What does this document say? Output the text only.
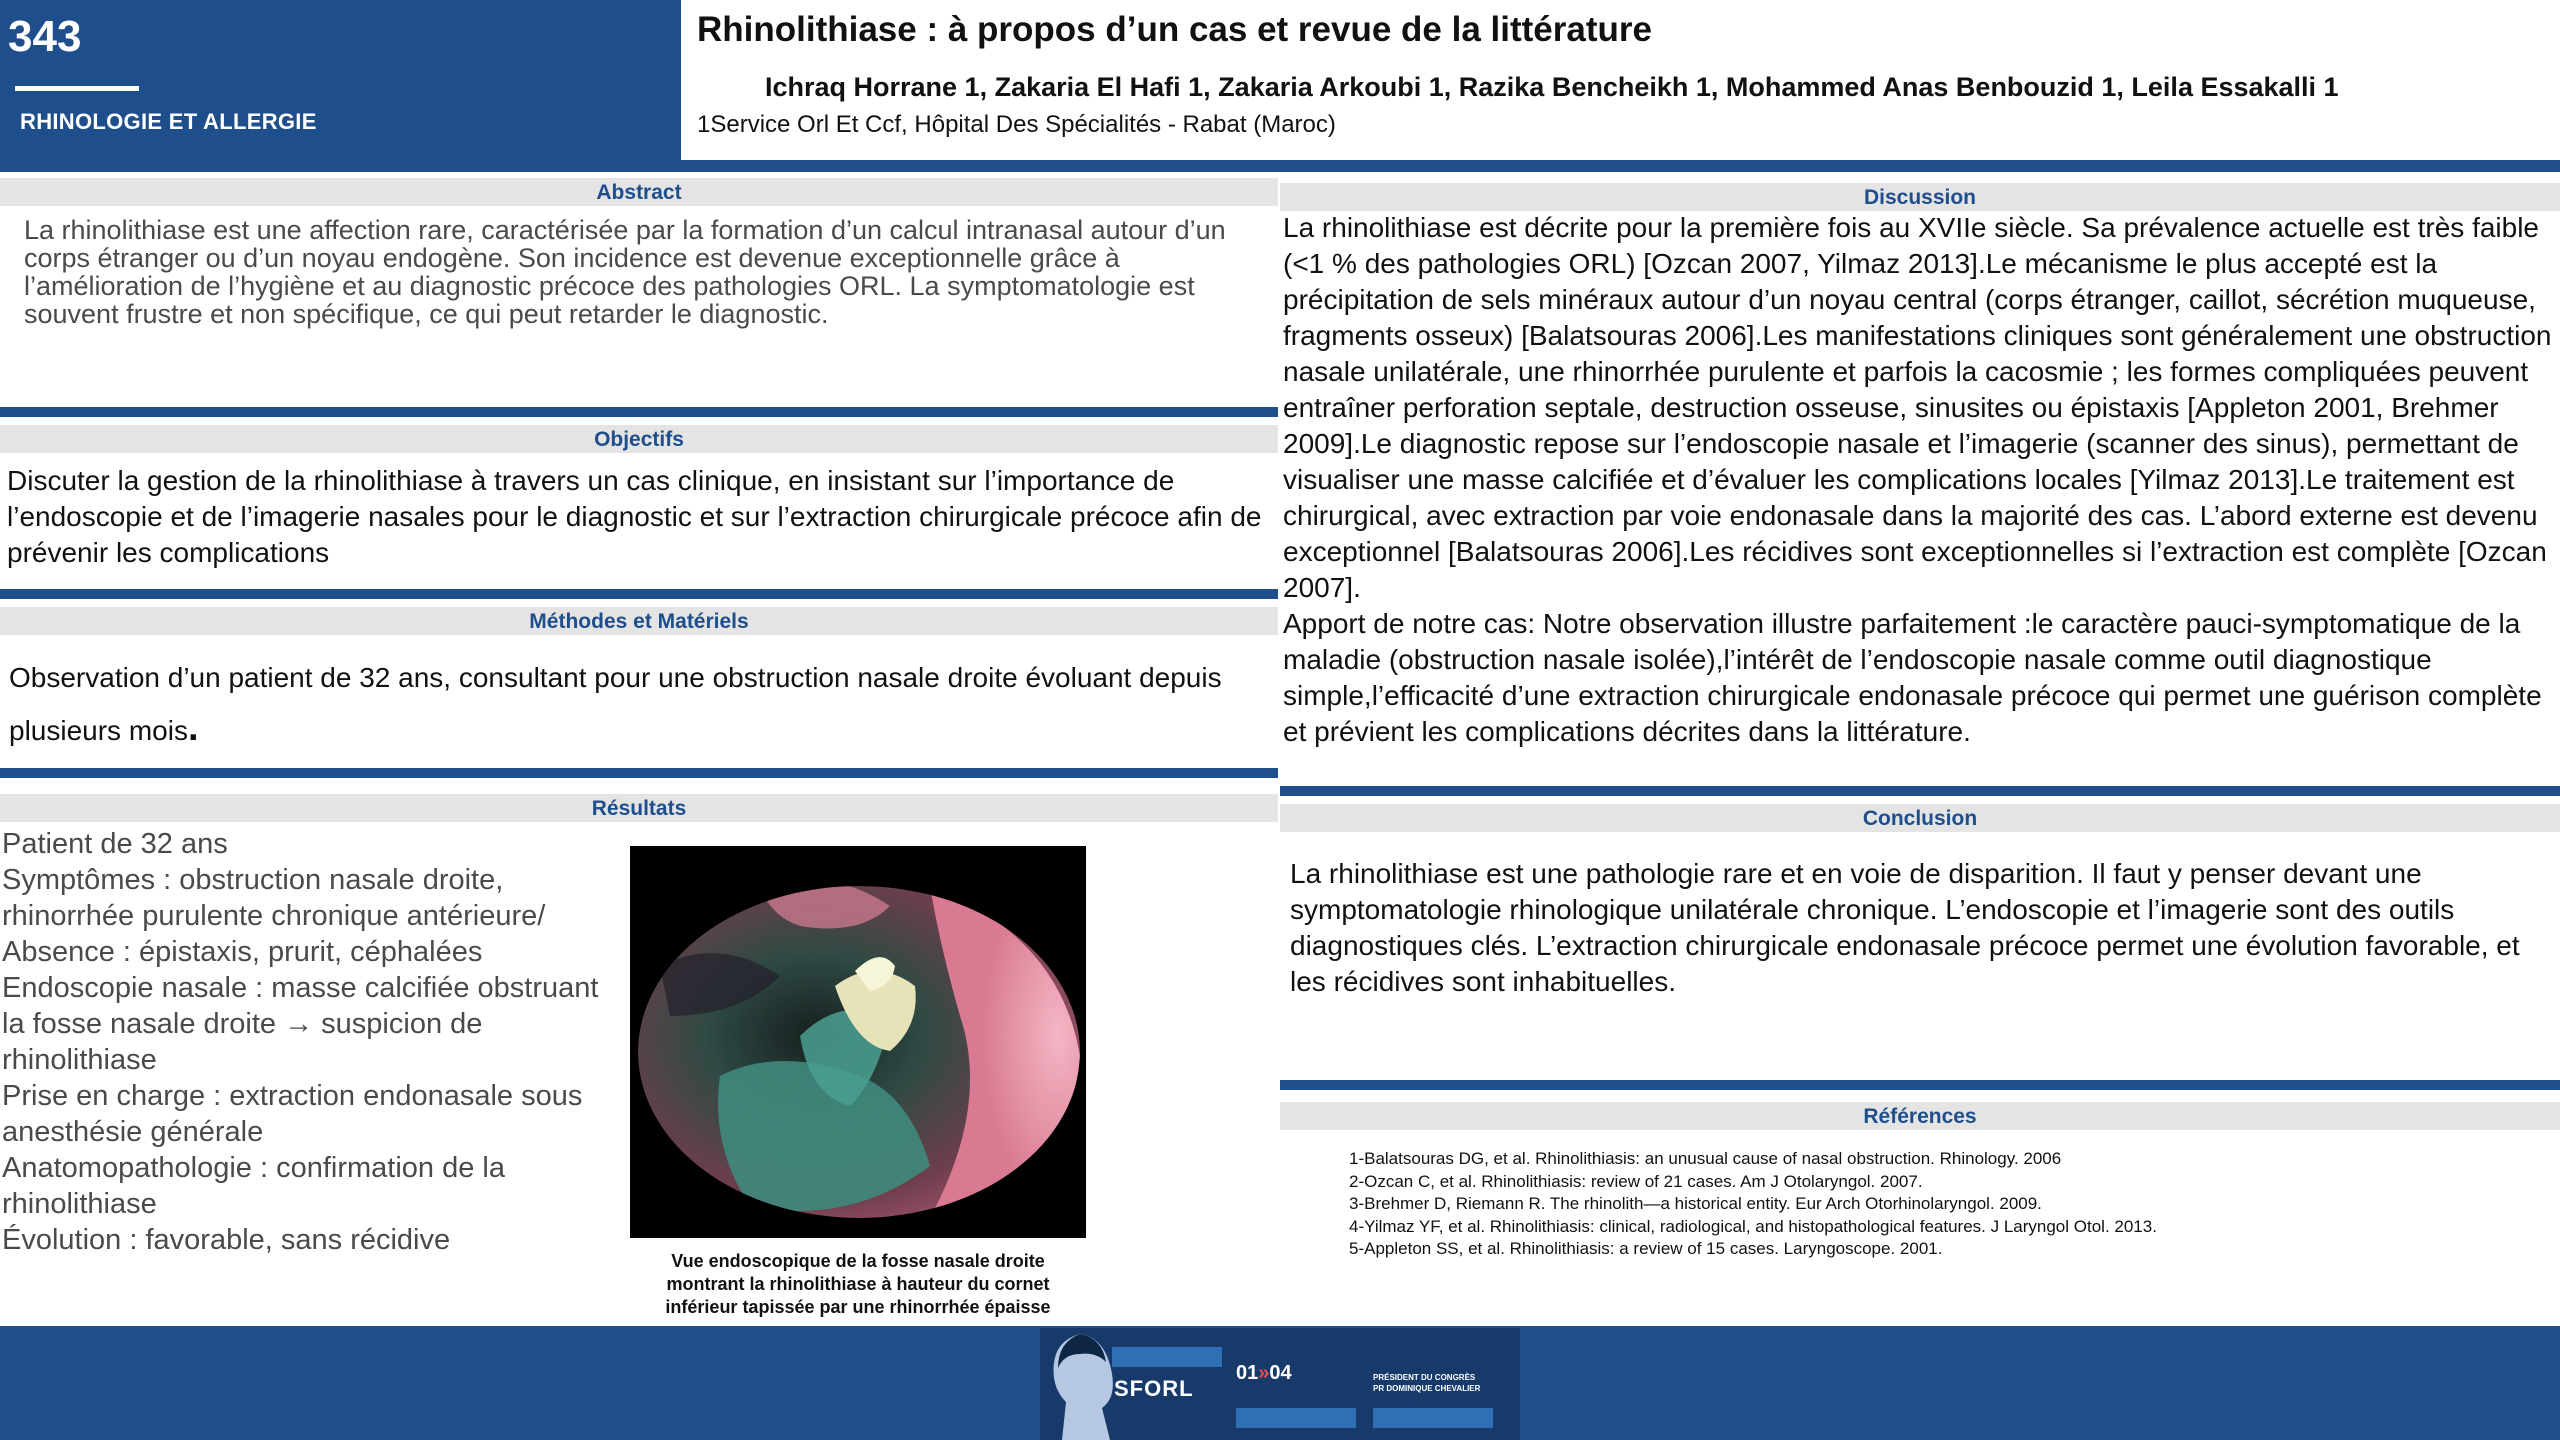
343
RHINOLOGIE ET ALLERGIE
Rhinolithiase : à propos d’un cas et revue de la littérature
Ichraq Horrane 1, Zakaria El Hafi 1, Zakaria Arkoubi 1, Razika Bencheikh 1, Mohammed Anas Benbouzid 1, Leila Essakalli 1
1Service Orl Et Ccf, Hôpital Des Spécialités - Rabat (Maroc)
Abstract
La rhinolithiase est une affection rare, caractérisée par la formation d’un calcul intranasal autour d’un corps étranger ou d’un noyau endogène. Son incidence est devenue exceptionnelle grâce à l’amélioration de l’hygiène et au diagnostic précoce des pathologies ORL. La symptomatologie est souvent frustre et non spécifique, ce qui peut retarder le diagnostic.
Objectifs
Discuter la gestion de la rhinolithiase à travers un cas clinique, en insistant sur l’importance de l’endoscopie et de l’imagerie nasales pour le diagnostic et sur l’extraction chirurgicale précoce afin de prévenir les complications
Méthodes et Matériels
Observation d’un patient de 32 ans, consultant pour une obstruction nasale droite évoluant depuis plusieurs mois.
Résultats
Patient de 32 ans
Symptômes : obstruction nasale droite, rhinorrhée purulente chronique antérieure/
Absence : épistaxis, prurit, céphalées
Endoscopie nasale : masse calcifiée obstruant la fosse nasale droite → suspicion de rhinolithiase
Prise en charge : extraction endonasale sous anesthésie générale
Anatomopathologie : confirmation de la rhinolithiase
Évolution : favorable, sans récidive
Vue endoscopique de la fosse nasale droite montrant la rhinolithiase à hauteur du cornet inférieur tapissée par une rhinorrhée épaisse
Discussion
La rhinolithiase est décrite pour la première fois au XVIIe siècle. Sa prévalence actuelle est très faible (<1 % des pathologies ORL) [Ozcan 2007, Yilmaz 2013].Le mécanisme le plus accepté est la précipitation de sels minéraux autour d’un noyau central (corps étranger, caillot, sécrétion muqueuse, fragments osseux) [Balatsouras 2006].Les manifestations cliniques sont généralement une obstruction nasale unilatérale, une rhinorrhée purulente et parfois la cacosmie ; les formes compliquées peuvent entraîner perforation septale, destruction osseuse, sinusites ou épistaxis [Appleton 2001, Brehmer 2009].Le diagnostic repose sur l’endoscopie nasale et l’imagerie (scanner des sinus), permettant de visualiser une masse calcifiée et d’évaluer les complications locales [Yilmaz 2013].Le traitement est chirurgical, avec extraction par voie endonasale dans la majorité des cas. L’abord externe est devenu exceptionnel [Balatsouras 2006].Les récidives sont exceptionnelles si l’extraction est complète [Ozcan 2007].
Apport de notre cas: Notre observation illustre parfaitement :le caractère pauci-symptomatique de la maladie (obstruction nasale isolée),l’intérêt de l’endoscopie nasale comme outil diagnostique simple,l’efficacité d’une extraction chirurgicale endonasale précoce qui permet une guérison complète et prévient les complications décrites dans la littérature.
Conclusion
La rhinolithiase est une pathologie rare et en voie de disparition. Il faut y penser devant une symptomatologie rhinologique unilatérale chronique. L’endoscopie et l’imagerie sont des outils diagnostiques clés. L’extraction chirurgicale endonasale précoce permet une évolution favorable, et les récidives sont inhabituelles.
Références
1-Balatsouras DG, et al. Rhinolithiasis: an unusual cause of nasal obstruction. Rhinology. 2006
2-Ozcan C, et al. Rhinolithiasis: review of 21 cases. Am J Otolaryngol. 2007.
3-Brehmer D, Riemann R. The rhinolith—a historical entity. Eur Arch Otorhinolaryngol. 2009.
4-Yilmaz YF, et al. Rhinolithiasis: clinical, radiological, and histopathological features. J Laryngol Otol. 2013.
5-Appleton SS, et al. Rhinolithiasis: a review of 15 cases. Laryngoscope. 2001.
SFORL
01»04	PRÉSIDENT DU CONGRÈS
PR DOMINIQUE CHEVALIER
